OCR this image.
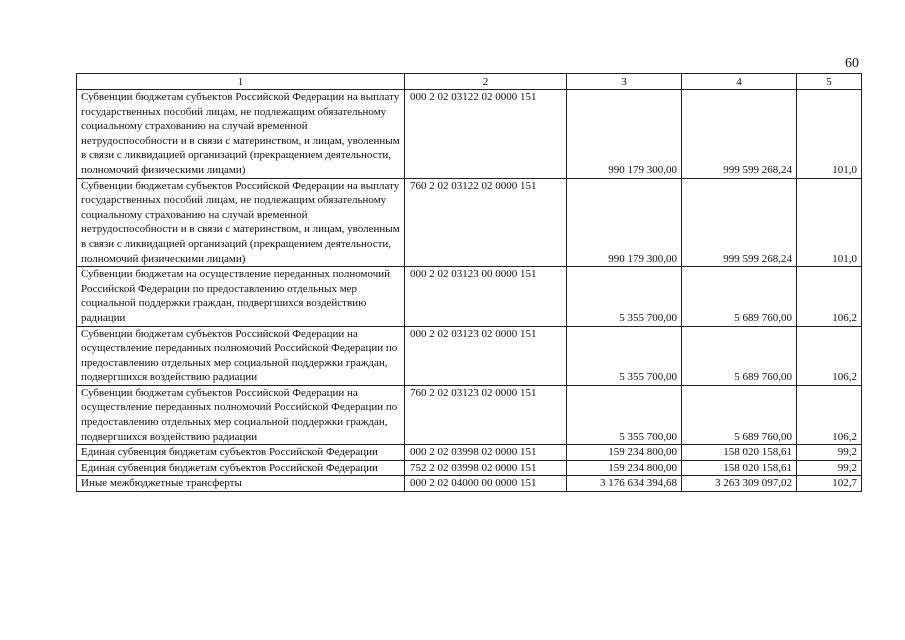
60
1	2	3	4	5
Субвенции бюджетам субъектов Российской Федерации на выплату государственных пособий лицам, не подлежащим обязательному социальному страхованию на случай временной нетрудоспособности и в связи с материнством, и лицам, уволенным в связи с ликвидацией организаций (прекращением деятельности, полномочий физическими лицами)	000 2 02 03122 02 0000 151	990 179 300,00	999 599 268,24	101,0
Субвенции бюджетам субъектов Российской Федерации на выплату государственных пособий лицам, не подлежащим обязательному социальному страхованию на случай временной нетрудоспособности и в связи с материнством, и лицам, уволенным в связи с ликвидацией организаций (прекращением деятельности, полномочий физическими лицами)	760 2 02 03122 02 0000 151	990 179 300,00	999 599 268,24	101,0
Субвенции бюджетам на осуществление переданных полномочий Российской Федерации по предоставлению отдельных мер социальной поддержки граждан, подвергшихся воздействию радиации	000 2 02 03123 00 0000 151	5 355 700,00	5 689 760,00	106,2
Субвенции бюджетам субъектов Российской Федерации на осуществление переданных полномочий Российской Федерации по предоставлению отдельных мер социальной поддержки граждан, подвергшихся воздействию радиации	000 2 02 03123 02 0000 151	5 355 700,00	5 689 760,00	106,2
Субвенции бюджетам субъектов Российской Федерации на осуществление переданных полномочий Российской Федерации по предоставлению отдельных мер социальной поддержки граждан, подвергшихся воздействию радиации	760 2 02 03123 02 0000 151	5 355 700,00	5 689 760,00	106,2
Единая субвенция бюджетам субъектов Российской Федерации	000 2 02 03998 02 0000 151	159 234 800,00	158 020 158,61	99,2
Единая субвенция бюджетам субъектов Российской Федерации	752 2 02 03998 02 0000 151	159 234 800,00	158 020 158,61	99,2
Иные межбюджетные трансферты	000 2 02 04000 00 0000 151	3 176 634 394,68	3 263 309 097,02	102,7
